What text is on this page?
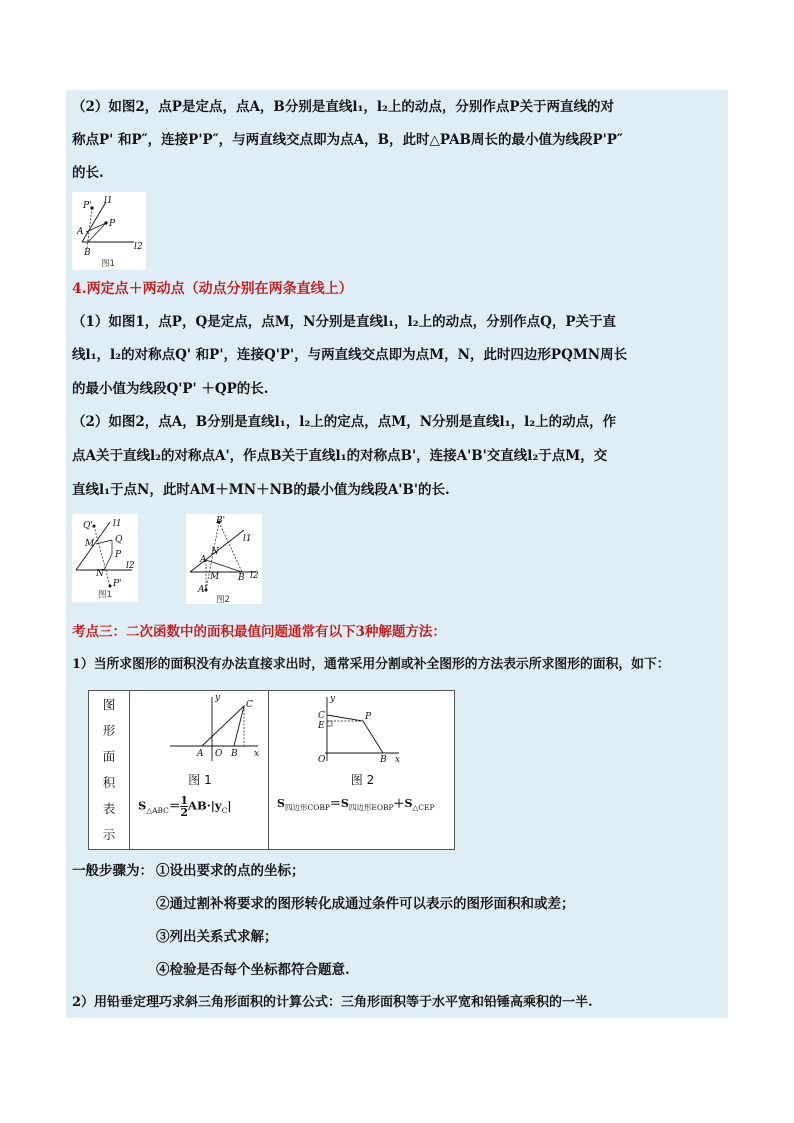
（2）如图2，点P是定点，点A，B分别是直线l₁，l₂上的动点，分别作点P关于两直线的对
称点P' 和P″，连接P'P″，与两直线交点即为点A，B，此时△PAB周长的最小值为线段P'P″
的长.
P' l1
P
A
B
l2
图1
4.两定点＋两动点（动点分别在两条直线上）
（1）如图1，点P，Q是定点，点M，N分别是直线l₁，l₂上的动点，分别作点Q，P关于直
线l₁，l₂的对称点Q' 和P'，连接Q'P'，与两直线交点即为点M，N，此时四边形PQMN周长
的最小值为线段Q'P' ＋QP的长.
（2）如图2，点A，B分别是直线l₁，l₂上的定点，点M，N分别是直线l₁，l₂上的动点，作
点A关于直线l₂的对称点A'，作点B关于直线l₁的对称点B'，连接A'B'交直线l₂于点M，交
直线l₁于点N，此时AM＋MN＋NB的最小值为线段A'B'的长.
Q' l1
M Q
P
N
l2
P'
图1
B'
l1
N
A
M B l2
A'
图2
考点三：二次函数中的面积最值问题通常有以下3种解题方法：
1）当所求图形的面积没有办法直接求出时，通常采用分割或补全图形的方法表示所求图形的面积，如下：
图形面积表示

y
C
A O B x
图 1
$S_{\triangle ABC}= \frac{1}{2} AB\cdot|y_C|$

y
C	P
E
O	B x
图 2
$S_{四边形COBP}=S_{四边形EOBP}+S_{\triangle CEP}$
一般步骤为： ①设出要求的点的坐标；
②通过割补将要求的图形转化成通过条件可以表示的图形面积和或差；
③列出关系式求解；
④检验是否每个坐标都符合题意.
2）用铅垂定理巧求斜三角形面积的计算公式：三角形面积等于水平宽和铅锤高乘积的一半.
